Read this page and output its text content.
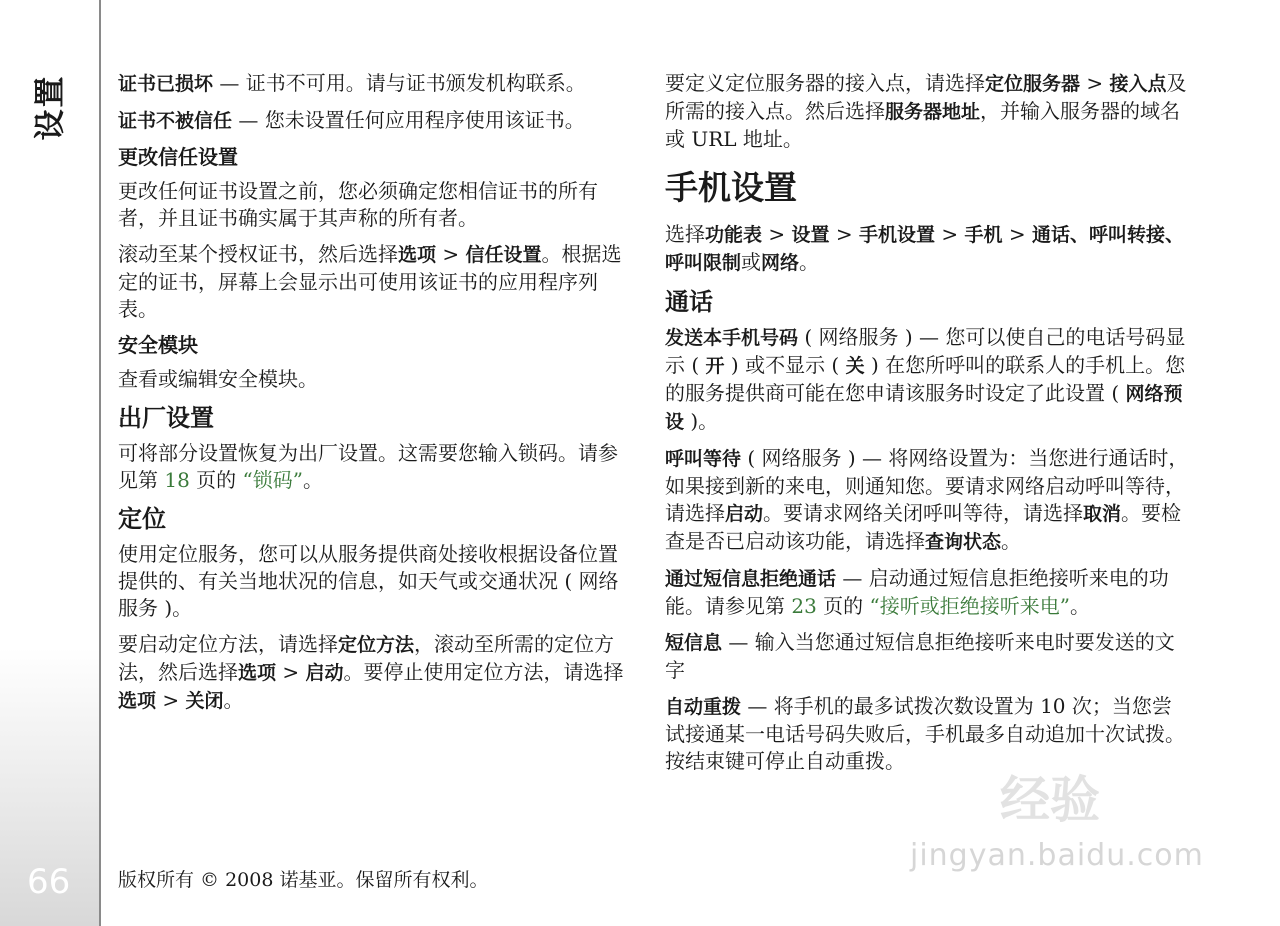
设置
66

证书已损坏 — 证书不可用。请与证书颁发机构联系。

证书不被信任 — 您未设置任何应用程序使用该证书。

更改信任设置

更改任何证书设置之前，您必须确定您相信证书的所有者，并且证书确实属于其声称的所有者。

滚动至某个授权证书，然后选择选项 > 信任设置。根据选定的证书，屏幕上会显示出可使用该证书的应用程序列表。

安全模块

查看或编辑安全模块。

出厂设置

可将部分设置恢复为出厂设置。这需要您输入锁码。请参见第 18 页的 “锁码”。

定位

使用定位服务，您可以从服务提供商处接收根据设备位置提供的、有关当地状况的信息，如天气或交通状况 ( 网络服务 )。

要启动定位方法，请选择定位方法，滚动至所需的定位方法，然后选择选项 > 启动。要停止使用定位方法，请选择选项 > 关闭。

要定义定位服务器的接入点，请选择定位服务器 > 接入点及所需的接入点。然后选择服务器地址，并输入服务器的域名或 URL 地址。

手机设置

选择功能表 > 设置 > 手机设置 > 手机 > 通话、呼叫转接、呼叫限制或网络。

通话

发送本手机号码 ( 网络服务 ) — 您可以使自己的电话号码显示 ( 开 ) 或不显示 ( 关 ) 在您所呼叫的联系人的手机上。您的服务提供商可能在您申请该服务时设定了此设置 ( 网络预设 )。

呼叫等待 ( 网络服务 ) — 将网络设置为：当您进行通话时，如果接到新的来电，则通知您。要请求网络启动呼叫等待，请选择启动。要请求网络关闭呼叫等待，请选择取消。要检查是否已启动该功能，请选择查询状态。

通过短信息拒绝通话 — 启动通过短信息拒绝接听来电的功能。请参见第 23 页的 “接听或拒绝接听来电”。

短信息 — 输入当您通过短信息拒绝接听来电时要发送的文字

自动重拨 — 将手机的最多试拨次数设置为 10 次；当您尝试接通某一电话号码失败后，手机最多自动追加十次试拨。按结束键可停止自动重拨。

版权所有 © 2008 诺基亚。保留所有权利。
经验
jingyan.baidu.com
